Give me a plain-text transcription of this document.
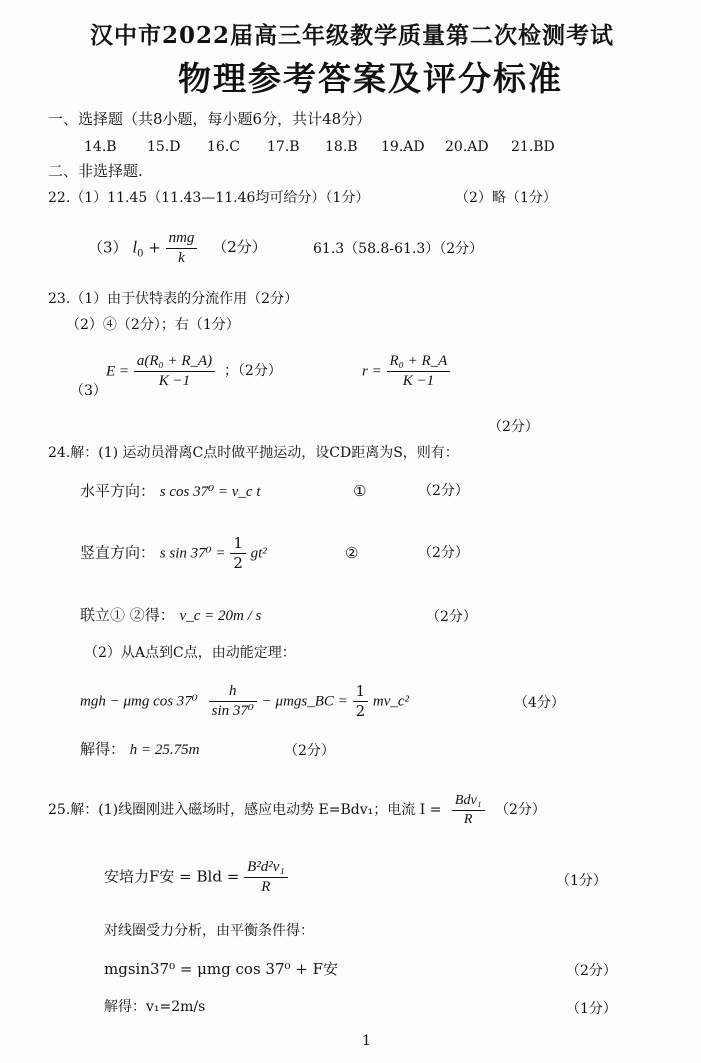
汉中市2022届高三年级教学质量第二次检测考试
物理参考答案及评分标准
一、选择题（共8小题，每小题6分，共计48分）
14.B 15.D 16.C 17.B 18.B 19.AD 20.AD 21.BD
二、非选择题.
22.（1）11.45（11.43—11.46均可给分）（1分）	（2）略（1分）
（3） $l_0 + \frac{\text{nmg}}{k} (2$分）	61.3（58.8-61.3）（2分）
23.（1）由于伏特表的分流作用（2分）
（2）④（2分）；右（1分）
（3）
$E = \frac{\text{a(R₀ + R\_A)}}{K -1}$ ；（2分）	$r = \frac{\text{R₀ + R\_A}}{K -1}$
（2分）
24.解：(1) 运动员滑离C点时做平抛运动，设CD距离为S，则有：
水平方向： s cos 37⁰ = v_c t	①	（2分）
竖直方向： s $\sin 37^0 = \frac{1}{2} gt^2$	②	（2分）
联立① ②得： v_c = 20m / s	（2分）
（2）从A点到C点，由动能定理：
mgh − μmg $\cos 37^0 \frac{h}{\text{sin 37⁰}}$ − μmgs_BC = $\frac{1}{2}$ mv_c²	（4分）
解得： h = 25.75m	（2分）
25.解：(1)线圈刚进入磁场时，感应电动势 E=Bdv₁；电流 $I = \frac{\text{Bdv₁}}{R} (2$分）
安培力F安 = Bld = $\frac{\text{B²d²v₁}}{R}$	（1分）
对线圈受力分析，由平衡条件得：
mgsin37⁰ = μmg cos 37⁰ + F安	（2分）
解得：v₁=2m/s	（1分）
1
